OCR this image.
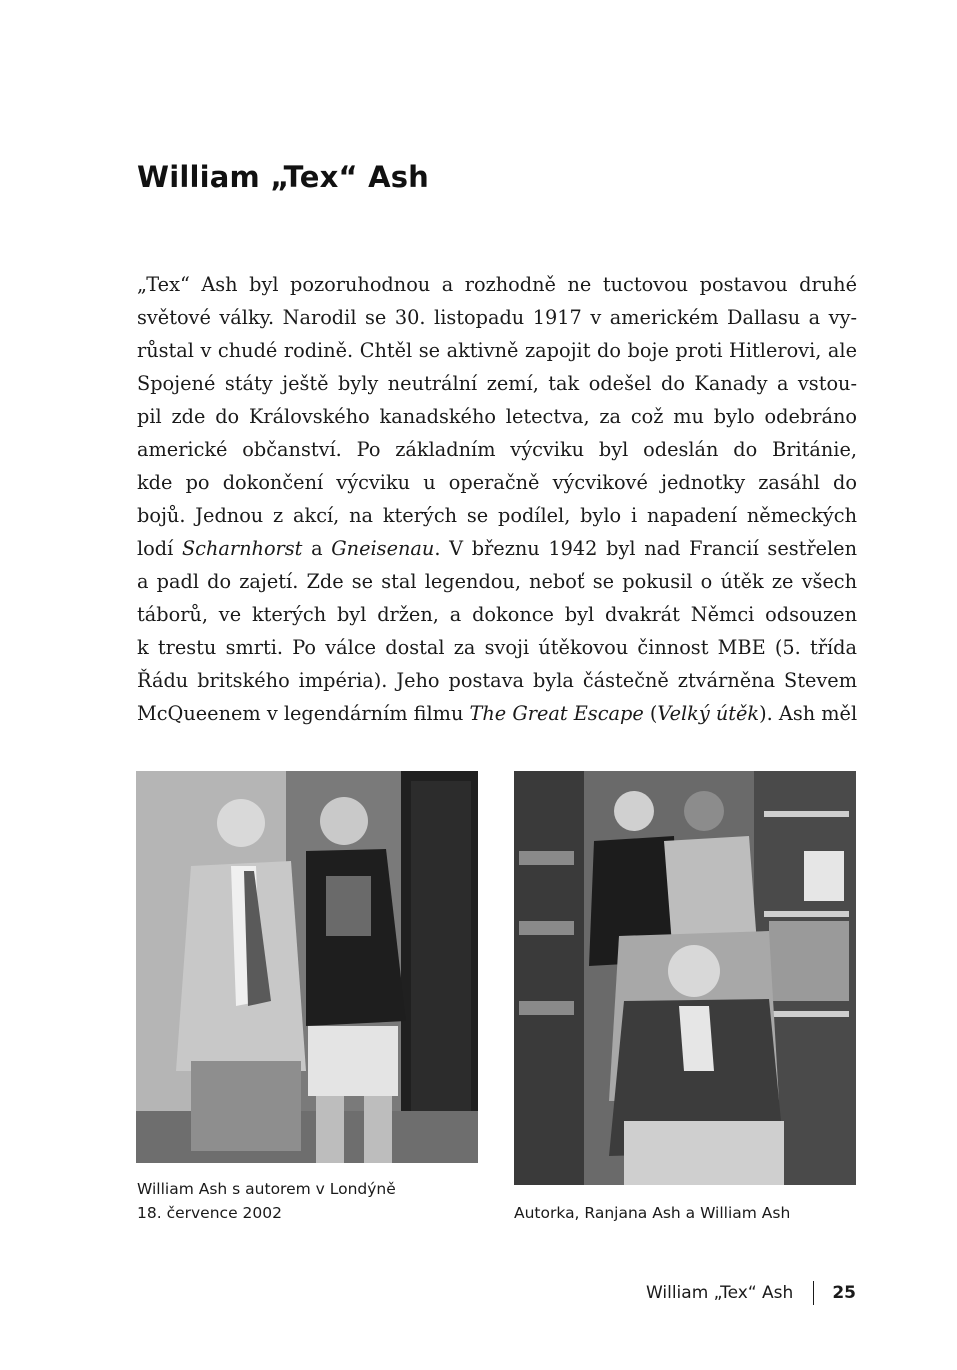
William „Tex“ Ash
„Tex“ Ash byl pozoruhodnou a rozhodně ne tuctovou postavou druhé
světové války. Narodil se 30. listopadu 1917 v americkém Dallasu a vy-
růstal v chudé rodině. Chtěl se aktivně zapojit do boje proti Hitlerovi, ale
Spojené státy ještě byly neutrální zemí, tak odešel do Kanady a vstou-
pil zde do Královského kanadského letectva, za což mu bylo odebráno
americké občanství. Po základním výcviku byl odeslán do Británie,
kde po dokončení výcviku u operačně výcvikové jednotky zasáhl do
bojů. Jednou z akcí, na kterých se podílel, bylo i napadení německých
lodí Scharnhorst a Gneisenau. V březnu 1942 byl nad Francií sestřelen
a padl do zajetí. Zde se stal legendou, neboť se pokusil o útěk ze všech
táborů, ve kterých byl držen, a dokonce byl dvakrát Němci odsouzen
k trestu smrti. Po válce dostal za svoji útěkovou činnost MBE (5. třída
Řádu britského impéria). Jeho postava byla částečně ztvárněna Stevem
McQueenem v legendárním filmu The Great Escape (Velký útěk). Ash měl
William Ash s autorem v Londýně
18. července 2002	Autorka, Ranjana Ash a William Ash
William „Tex“ Ash 25
